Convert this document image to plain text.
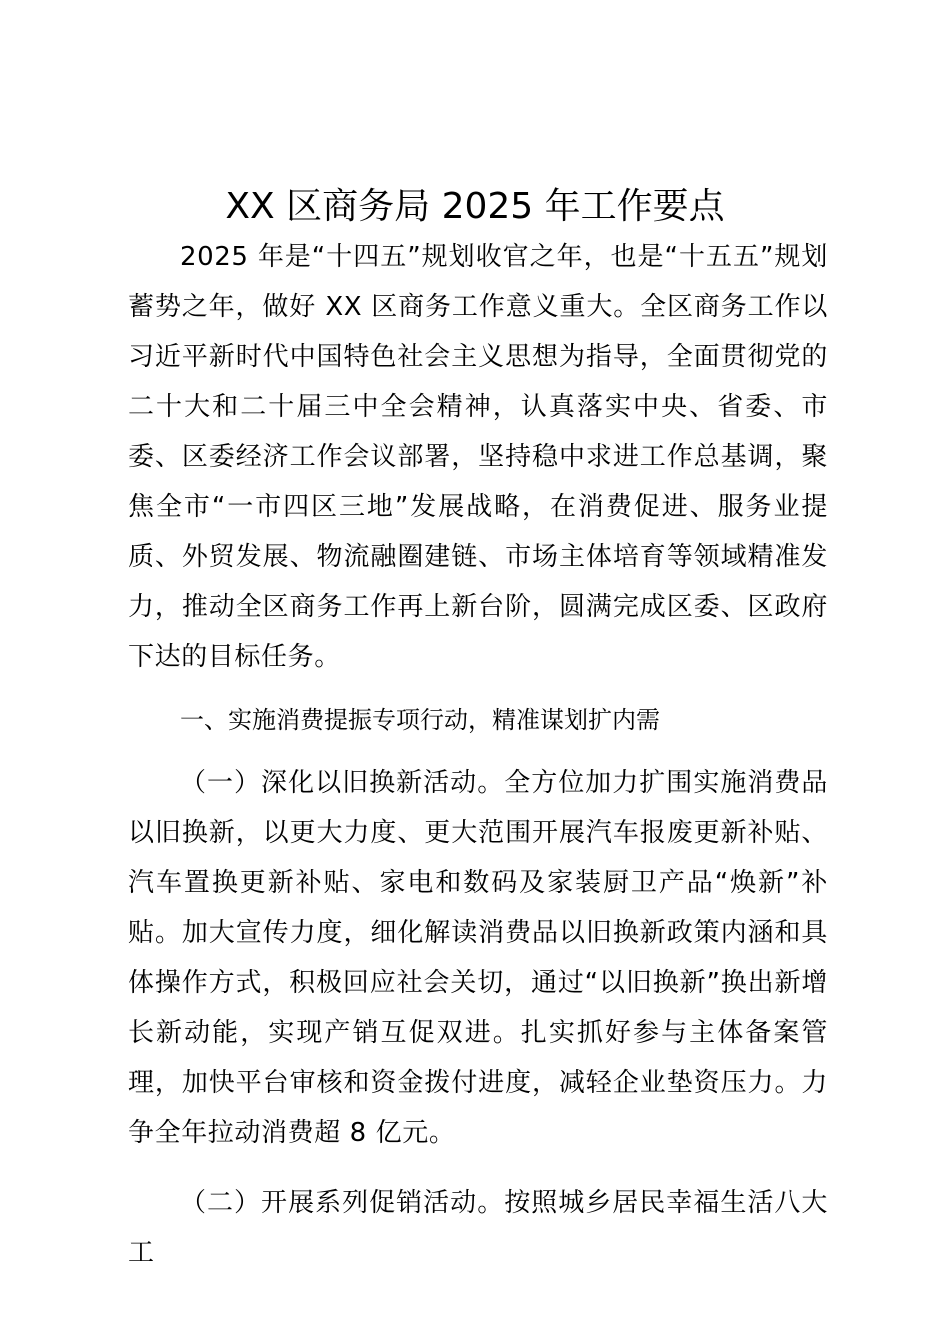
XX 区商务局 2025 年工作要点

2025 年是“十四五”规划收官之年，也是“十五五”规划蓄势之年，做好 XX 区商务工作意义重大。全区商务工作以习近平新时代中国特色社会主义思想为指导，全面贯彻党的二十大和二十届三中全会精神，认真落实中央、省委、市委、区委经济工作会议部署，坚持稳中求进工作总基调，聚焦全市“一市四区三地”发展战略，在消费促进、服务业提质、外贸发展、物流融圈建链、市场主体培育等领域精准发力，推动全区商务工作再上新台阶，圆满完成区委、区政府下达的目标任务。

一、实施消费提振专项行动，精准谋划扩内需

（一）深化以旧换新活动。全方位加力扩围实施消费品以旧换新，以更大力度、更大范围开展汽车报废更新补贴、汽车置换更新补贴、家电和数码及家装厨卫产品“焕新”补贴。加大宣传力度，细化解读消费品以旧换新政策内涵和具体操作方式，积极回应社会关切，通过“以旧换新”换出新增长新动能，实现产销互促双进。扎实抓好参与主体备案管理，加快平台审核和资金拨付进度，减轻企业垫资压力。力争全年拉动消费超 8 亿元。

（二）开展系列促销活动。按照城乡居民幸福生活八大工
